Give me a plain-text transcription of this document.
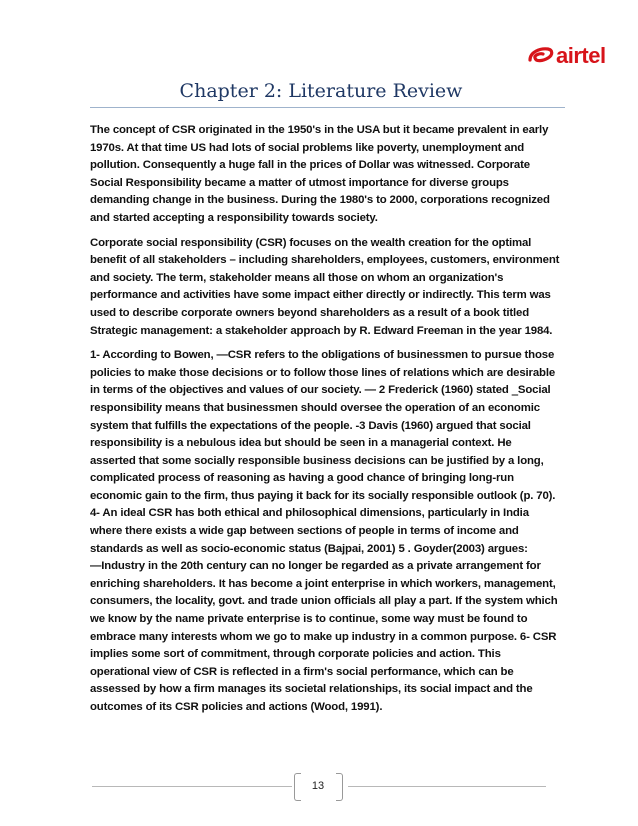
airtel
Chapter 2: Literature Review

The concept of CSR originated in the 1950's in the USA but it became prevalent in early 1970s. At that time US had lots of social problems like poverty, unemployment and pollution. Consequently a huge fall in the prices of Dollar was witnessed. Corporate Social Responsibility became a matter of utmost importance for diverse groups demanding change in the business. During the 1980's to 2000, corporations recognized and started accepting a responsibility towards society.

Corporate social responsibility (CSR) focuses on the wealth creation for the optimal benefit of all stakeholders – including shareholders, employees, customers, environment and society. The term, stakeholder means all those on whom an organization's performance and activities have some impact either directly or indirectly. This term was used to describe corporate owners beyond shareholders as a result of a book titled Strategic management: a stakeholder approach by R. Edward Freeman in the year 1984.

1- According to Bowen, ―CSR refers to the obligations of businessmen to pursue those policies to make those decisions or to follow those lines of relations which are desirable in terms of the objectives and values of our society. ― 2 Frederick (1960) stated ‗Social responsibility means that businessmen should oversee the operation of an economic system that fulfills the expectations of the people. -3 Davis (1960) argued that social responsibility is a nebulous idea but should be seen in a managerial context. He asserted that some socially responsible business decisions can be justified by a long, complicated process of reasoning as having a good chance of bringing long-run economic gain to the firm, thus paying it back for its socially responsible outlook (p. 70). 4- An ideal CSR has both ethical and philosophical dimensions, particularly in India where there exists a wide gap between sections of people in terms of income and standards as well as socio-economic status (Bajpai, 2001) 5 . Goyder(2003) argues: ―Industry in the 20th century can no longer be regarded as a private arrangement for enriching shareholders. It has become a joint enterprise in which workers, management, consumers, the locality, govt. and trade union officials all play a part. If the system which we know by the name private enterprise is to continue, some way must be found to embrace many interests whom we go to make up industry in a common purpose. 6- CSR implies some sort of commitment, through corporate policies and action. This operational view of CSR is reflected in a firm's social performance, which can be assessed by how a firm manages its societal relationships, its social impact and the outcomes of its CSR policies and actions (Wood, 1991).

13
